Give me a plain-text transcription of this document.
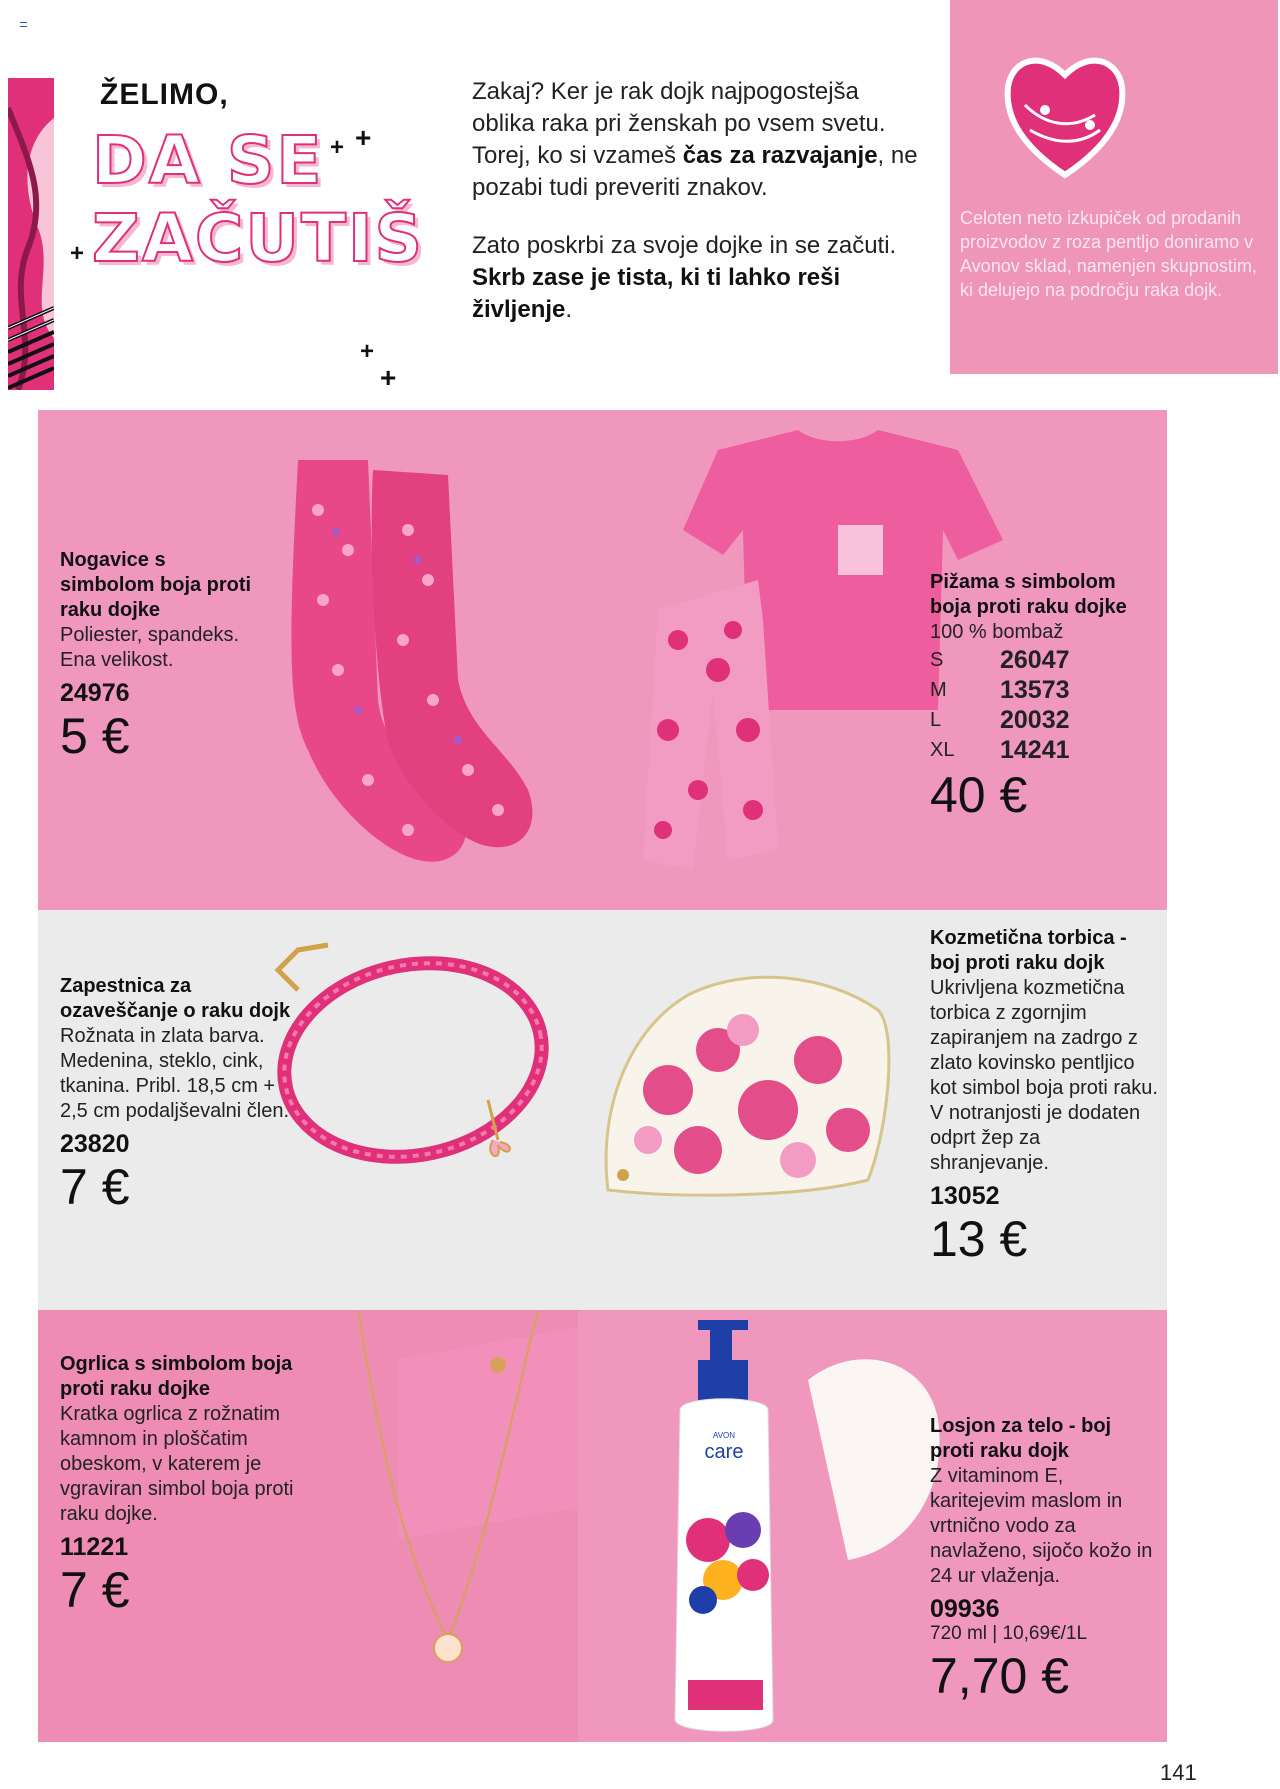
ŽELIMO,
DA SE
ZAČUTIŠ
+ +
+
+
+

Zakaj? Ker je rak dojk najpogostejša oblika raka pri ženskah po vsem svetu. Torej, ko si vzameš čas za razvajanje, ne pozabi tudi preveriti znakov.

Zato poskrbi za svoje dojke in se začuti. Skrb zase je tista, ki ti lahko reši življenje.

Celoten neto izkupiček od prodanih proizvodov z roza pentljo doniramo v Avonov sklad, namenjen skupnostim, ki delujejo na področju raka dojk.
Nogavice s simbolom boja proti raku dojke
Poliester, spandeks. Ena velikost.
24976
5 €
Pižama s simbolom boja proti raku dojke
100 % bombaž
S	26047
M	13573
L	20032
XL	14241
40 €
Zapestnica za ozaveščanje o raku dojk
Rožnata in zlata barva. Medenina, steklo, cink, tkanina. Pribl. 18,5 cm + 2,5 cm podaljševalni člen.
23820
7 €
Kozmetična torbica - boj proti raku dojk
Ukrivljena kozmetična torbica z zgornjim zapiranjem na zadrgo z zlato kovinsko pentljico kot simbol boja proti raku. V notranjosti je dodaten odprt žep za shranjevanje.
13052
13 €
AVON
care
Ogrlica s simbolom boja proti raku dojke
Kratka ogrlica z rožnatim kamnom in ploščatim obeskom, v katerem je vgraviran simbol boja proti raku dojke.
11221
7 €
Losjon za telo - boj proti raku dojk
Z vitaminom E, karitejevim maslom in vrtnično vodo za navlaženo, sijočo kožo in 24 ur vlaženja.
09936
720 ml | 10,69€/1L
7,70 €
141
